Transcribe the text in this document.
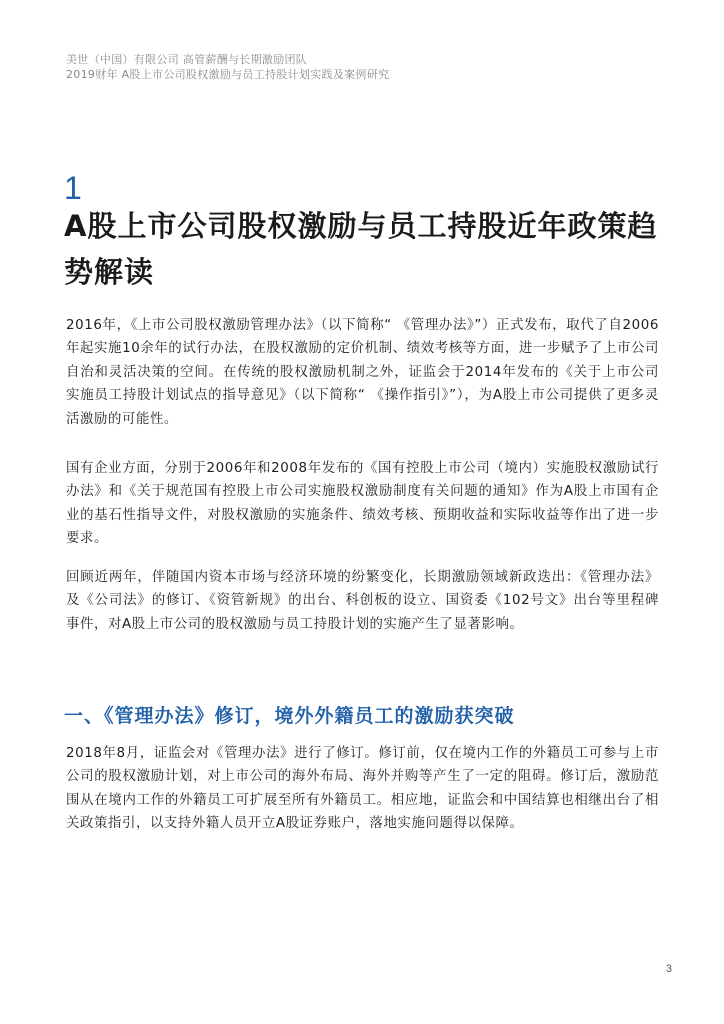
美世（中国）有限公司 高管薪酬与长期激励团队
2019财年 A股上市公司股权激励与员工持股计划实践及案例研究
1
A股上市公司股权激励与员工持股近年政策趋势解读
2016年，《上市公司股权激励管理办法》（以下简称“ 《管理办法》”）正式发布，取代了自2006年起实施10余年的试行办法，在股权激励的定价机制、绩效考核等方面，进一步赋予了上市公司自治和灵活决策的空间。在传统的股权激励机制之外，证监会于2014年发布的《关于上市公司实施员工持股计划试点的指导意见》（以下简称“ 《操作指引》”），为A股上市公司提供了更多灵活激励的可能性。
国有企业方面，分别于2006年和2008年发布的《国有控股上市公司（境内）实施股权激励试行办法》和《关于规范国有控股上市公司实施股权激励制度有关问题的通知》作为A股上市国有企业的基石性指导文件，对股权激励的实施条件、绩效考核、预期收益和实际收益等作出了进一步要求。
回顾近两年，伴随国内资本市场与经济环境的纷繁变化，长期激励领域新政迭出：《管理办法》及《公司法》的修订、《资管新规》的出台、科创板的设立、国资委《102号文》出台等里程碑事件，对A股上市公司的股权激励与员工持股计划的实施产生了显著影响。
一、《管理办法》修订，境外外籍员工的激励获突破
2018年8月，证监会对《管理办法》进行了修订。修订前，仅在境内工作的外籍员工可参与上市公司的股权激励计划，对上市公司的海外布局、海外并购等产生了一定的阻碍。修订后，激励范围从在境内工作的外籍员工可扩展至所有外籍员工。相应地，证监会和中国结算也相继出台了相关政策指引，以支持外籍人员开立A股证券账户，落地实施问题得以保障。
3
